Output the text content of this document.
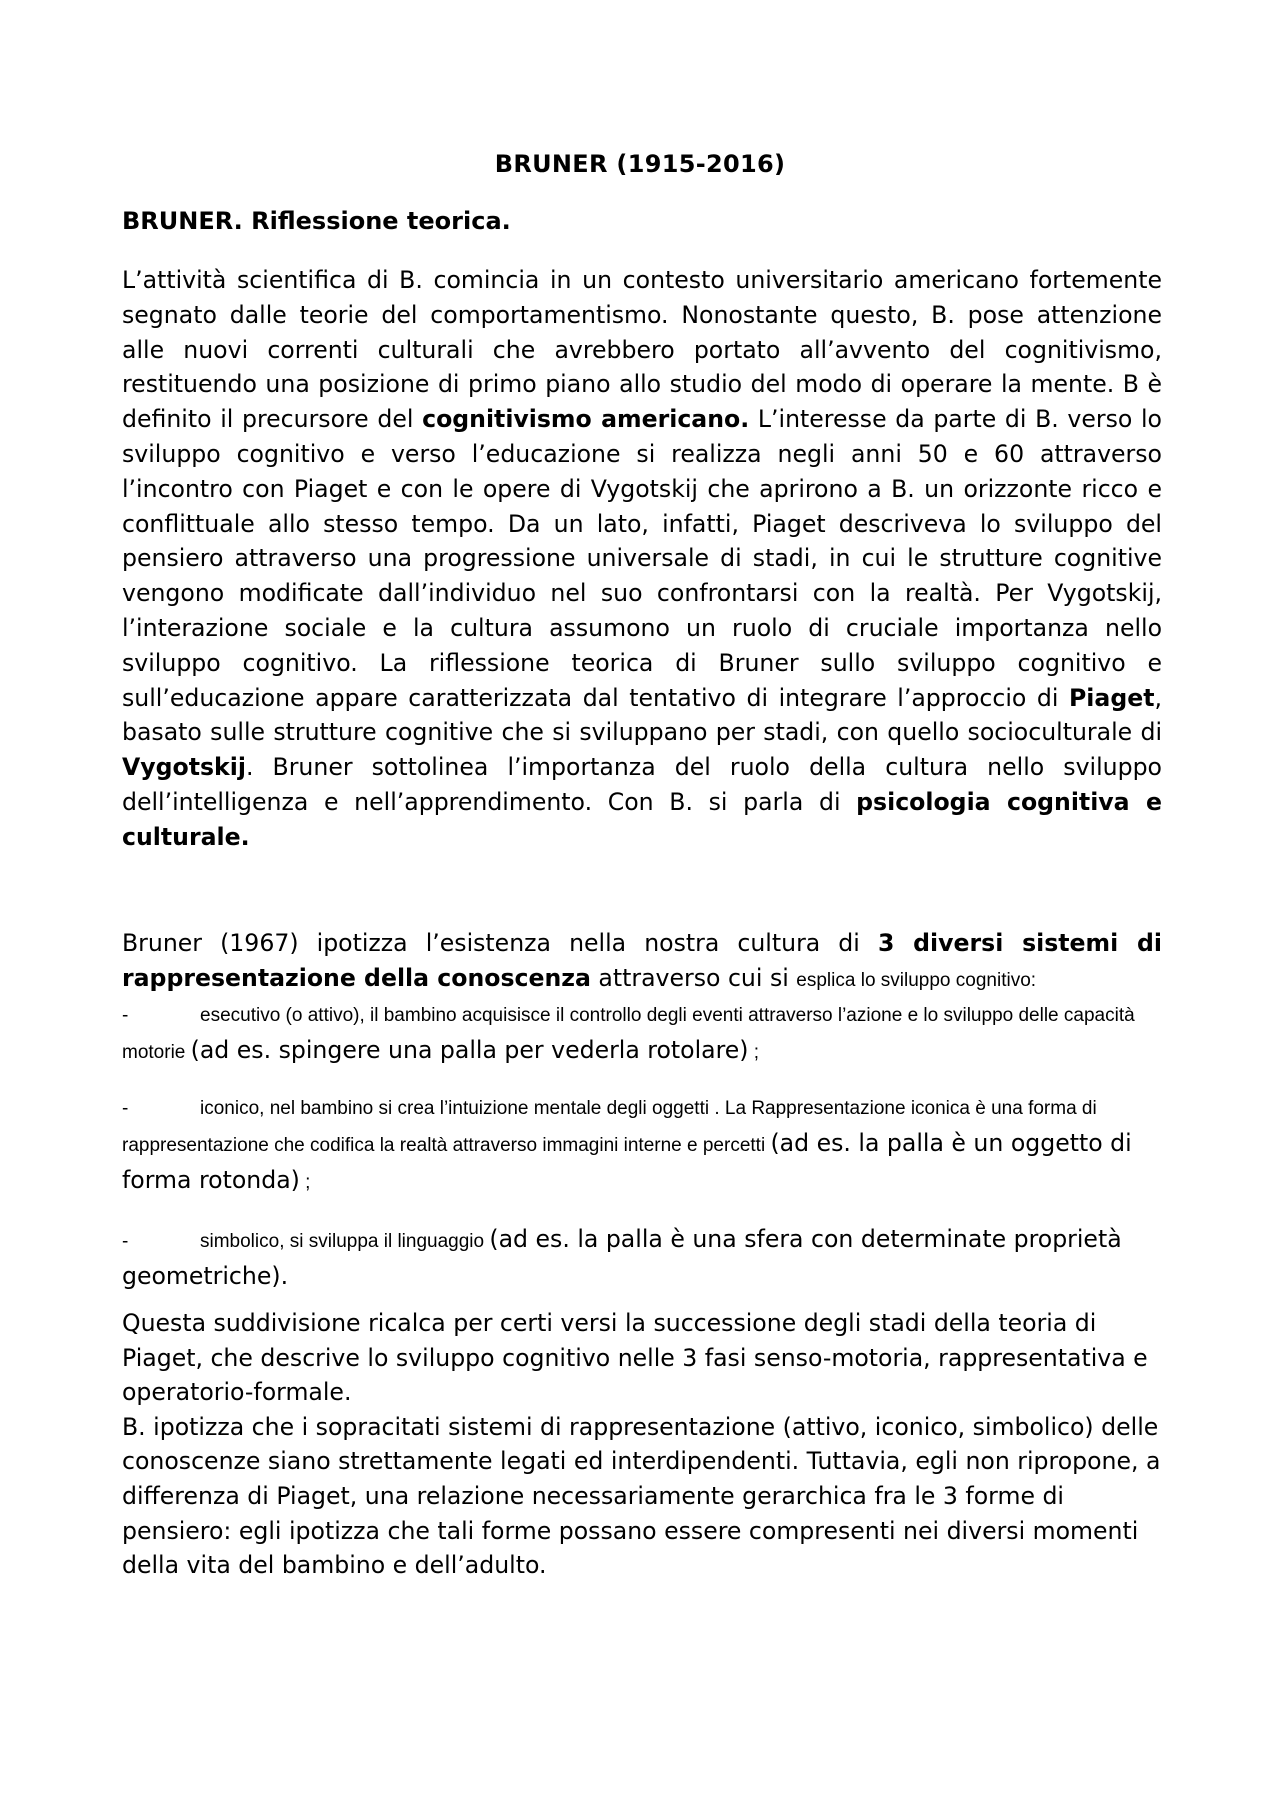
BRUNER (1915-2016)
BRUNER. Riflessione teorica.
L’attività scientifica di B. comincia in un contesto universitario americano fortemente segnato dalle teorie del comportamentismo. Nonostante questo, B. pose attenzione alle nuovi correnti culturali che avrebbero portato all’avvento del cognitivismo, restituendo una posizione di primo piano allo studio del modo di operare la mente. B è definito il precursore del cognitivismo americano. L’interesse da parte di B. verso lo sviluppo cognitivo e verso l’educazione si realizza negli anni 50 e 60 attraverso l’incontro con Piaget e con le opere di Vygotskij che aprirono a B. un orizzonte ricco e conflittuale allo stesso tempo. Da un lato, infatti, Piaget descriveva lo sviluppo del pensiero attraverso una progressione universale di stadi, in cui le strutture cognitive vengono modificate dall’individuo nel suo confrontarsi con la realtà. Per Vygotskij, l’interazione sociale e la cultura assumono un ruolo di cruciale importanza nello sviluppo cognitivo. La riflessione teorica di Bruner sullo sviluppo cognitivo e sull’educazione appare caratterizzata dal tentativo di integrare l’approccio di Piaget, basato sulle strutture cognitive che si sviluppano per stadi, con quello socioculturale di Vygotskij. Bruner sottolinea l’importanza del ruolo della cultura nello sviluppo dell’intelligenza e nell’apprendimento. Con B. si parla di psicologia cognitiva e culturale.
Bruner (1967) ipotizza l’esistenza nella nostra cultura di 3 diversi sistemi di rappresentazione della conoscenza attraverso cui si esplica lo sviluppo cognitivo:
-	esecutivo (o attivo), il bambino acquisisce il controllo degli eventi attraverso l’azione e lo sviluppo delle capacità motorie (ad es. spingere una palla per vederla rotolare) ;
-	iconico, nel bambino si crea l’intuizione mentale degli oggetti . La Rappresentazione iconica è una forma di rappresentazione che codifica la realtà attraverso immagini interne e percetti (ad es. la palla è un oggetto di forma rotonda) ;
-	simbolico, si sviluppa il linguaggio (ad es. la palla è una sfera con determinate proprietà geometriche).
Questa suddivisione ricalca per certi versi la successione degli stadi della teoria di Piaget, che descrive lo sviluppo cognitivo nelle 3 fasi senso-motoria, rappresentativa e operatorio-formale.
B. ipotizza che i sopracitati sistemi di rappresentazione (attivo, iconico, simbolico) delle conoscenze siano strettamente legati ed interdipendenti. Tuttavia, egli non ripropone, a differenza di Piaget, una relazione necessariamente gerarchica fra le 3 forme di pensiero: egli ipotizza che tali forme possano essere compresenti nei diversi momenti della vita del bambino e dell’adulto.
